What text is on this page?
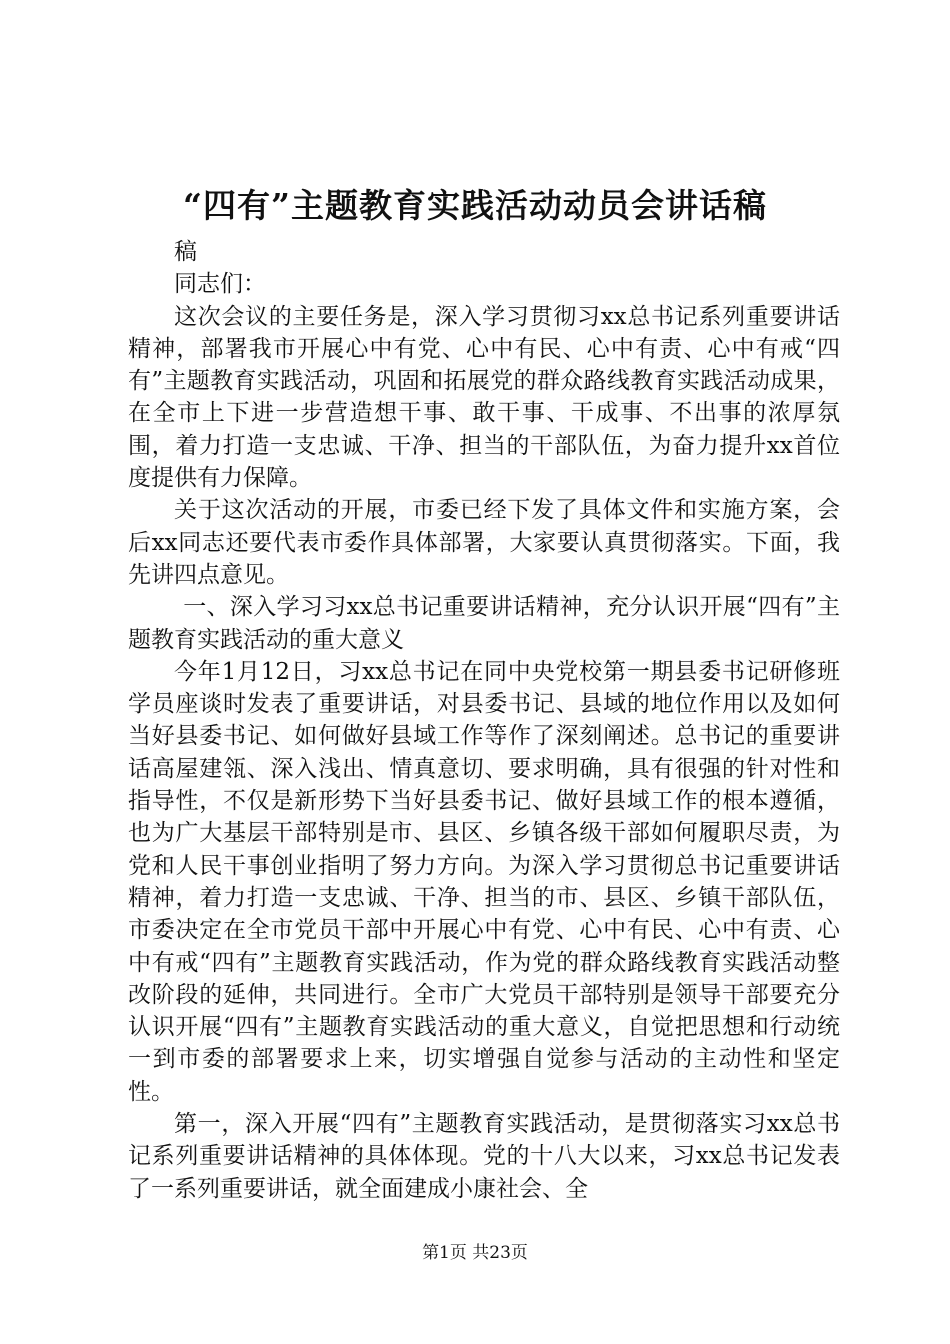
“四有”主题教育实践活动动员会讲话稿

稿

同志们：

这次会议的主要任务是，深入学习贯彻习xx总书记系列重要讲话精神，部署我市开展心中有党、心中有民、心中有责、心中有戒“四有”主题教育实践活动，巩固和拓展党的群众路线教育实践活动成果，在全市上下进一步营造想干事、敢干事、干成事、不出事的浓厚氛围，着力打造一支忠诚、干净、担当的干部队伍，为奋力提升xx首位度提供有力保障。

关于这次活动的开展，市委已经下发了具体文件和实施方案，会后xx同志还要代表市委作具体部署，大家要认真贯彻落实。下面，我先讲四点意见。

一、深入学习习xx总书记重要讲话精神，充分认识开展“四有”主题教育实践活动的重大意义

今年1月12日，习xx总书记在同中央党校第一期县委书记研修班学员座谈时发表了重要讲话，对县委书记、县域的地位作用以及如何当好县委书记、如何做好县域工作等作了深刻阐述。总书记的重要讲话高屋建瓴、深入浅出、情真意切、要求明确，具有很强的针对性和指导性，不仅是新形势下当好县委书记、做好县域工作的根本遵循，也为广大基层干部特别是市、县区、乡镇各级干部如何履职尽责，为党和人民干事创业指明了努力方向。为深入学习贯彻总书记重要讲话精神，着力打造一支忠诚、干净、担当的市、县区、乡镇干部队伍，市委决定在全市党员干部中开展心中有党、心中有民、心中有责、心中有戒“四有”主题教育实践活动，作为党的群众路线教育实践活动整改阶段的延伸，共同进行。全市广大党员干部特别是领导干部要充分认识开展“四有”主题教育实践活动的重大意义，自觉把思想和行动统一到市委的部署要求上来，切实增强自觉参与活动的主动性和坚定性。

第一，深入开展“四有”主题教育实践活动，是贯彻落实习xx总书记系列重要讲话精神的具体体现。党的十八大以来，习xx总书记发表了一系列重要讲话，就全面建成小康社会、全

第1页 共23页
